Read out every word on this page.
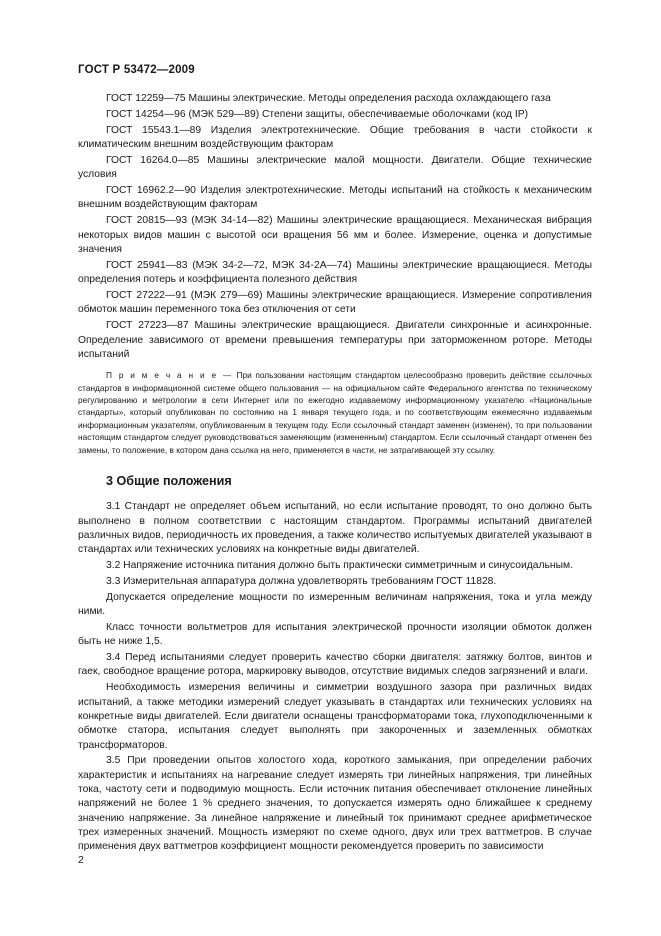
ГОСТ Р 53472—2009

ГОСТ 12259—75 Машины электрические. Методы определения расхода охлаждающего газа

ГОСТ 14254—96 (МЭК 529—89) Степени защиты, обеспечиваемые оболочками (код IP)

ГОСТ 15543.1—89 Изделия электротехнические. Общие требования в части стойкости к климатическим внешним воздействующим факторам

ГОСТ 16264.0—85 Машины электрические малой мощности. Двигатели. Общие технические условия

ГОСТ 16962.2—90 Изделия электротехнические. Методы испытаний на стойкость к механическим внешним воздействующим факторам

ГОСТ 20815—93 (МЭК 34-14—82) Машины электрические вращающиеся. Механическая вибрация некоторых видов машин с высотой оси вращения 56 мм и более. Измерение, оценка и допустимые значения

ГОСТ 25941—83 (МЭК 34-2—72, МЭК 34-2А—74) Машины электрические вращающиеся. Методы определения потерь и коэффициента полезного действия

ГОСТ 27222—91 (МЭК 279—69) Машины электрические вращающиеся. Измерение сопротивления обмоток машин переменного тока без отключения от сети

ГОСТ 27223—87 Машины электрические вращающиеся. Двигатели синхронные и асинхронные. Определение зависимого от времени превышения температуры при заторможенном роторе. Методы испытаний

П р и м е ч а н и е — При пользовании настоящим стандартом целесообразно проверить действие ссылочных стандартов в информационной системе общего пользования — на официальном сайте Федерального агентства по техническому регулированию и метрологии в сети Интернет или по ежегодно издаваемому информационному указателю «Национальные стандарты», который опубликован по состоянию на 1 января текущего года, и по соответствующим ежемесячно издаваемым информационным указателям, опубликованным в текущем году. Если ссылочный стандарт заменен (изменен), то при пользовании настоящим стандартом следует руководствоваться заменяющим (измененным) стандартом. Если ссылочный стандарт отменен без замены, то положение, в котором дана ссылка на него, применяется в части, не затрагивающей эту ссылку.

3 Общие положения

3.1 Стандарт не определяет объем испытаний, но если испытание проводят, то оно должно быть выполнено в полном соответствии с настоящим стандартом. Программы испытаний двигателей различных видов, периодичность их проведения, а также количество испытуемых двигателей указывают в стандартах или технических условиях на конкретные виды двигателей.

3.2 Напряжение источника питания должно быть практически симметричным и синусоидальным.

3.3 Измерительная аппаратура должна удовлетворять требованиям ГОСТ 11828.

Допускается определение мощности по измеренным величинам напряжения, тока и угла между ними.

Класс точности вольтметров для испытания электрической прочности изоляции обмоток должен быть не ниже 1,5.

3.4 Перед испытаниями следует проверить качество сборки двигателя: затяжку болтов, винтов и гаек, свободное вращение ротора, маркировку выводов, отсутствие видимых следов загрязнений и влаги.

Необходимость измерения величины и симметрии воздушного зазора при различных видах испытаний, а также методики измерений следует указывать в стандартах или технических условиях на конкретные виды двигателей. Если двигатели оснащены трансформаторами тока, глухоподключенными к обмотке статора, испытания следует выполнять при закороченных и заземленных обмотках трансформаторов.

3.5 При проведении опытов холостого хода, короткого замыкания, при определении рабочих характеристик и испытаниях на нагревание следует измерять три линейных напряжения, три линейных тока, частоту сети и подводимую мощность. Если источник питания обеспечивает отклонение линейных напряжений не более 1 % среднего значения, то допускается измерять одно ближайшее к среднему значению напряжение. За линейное напряжение и линейный ток принимают среднее арифметическое трех измеренных значений. Мощность измеряют по схеме одного, двух или трех ваттметров. В случае применения двух ваттметров коэффициент мощности рекомендуется проверить по зависимости

2
